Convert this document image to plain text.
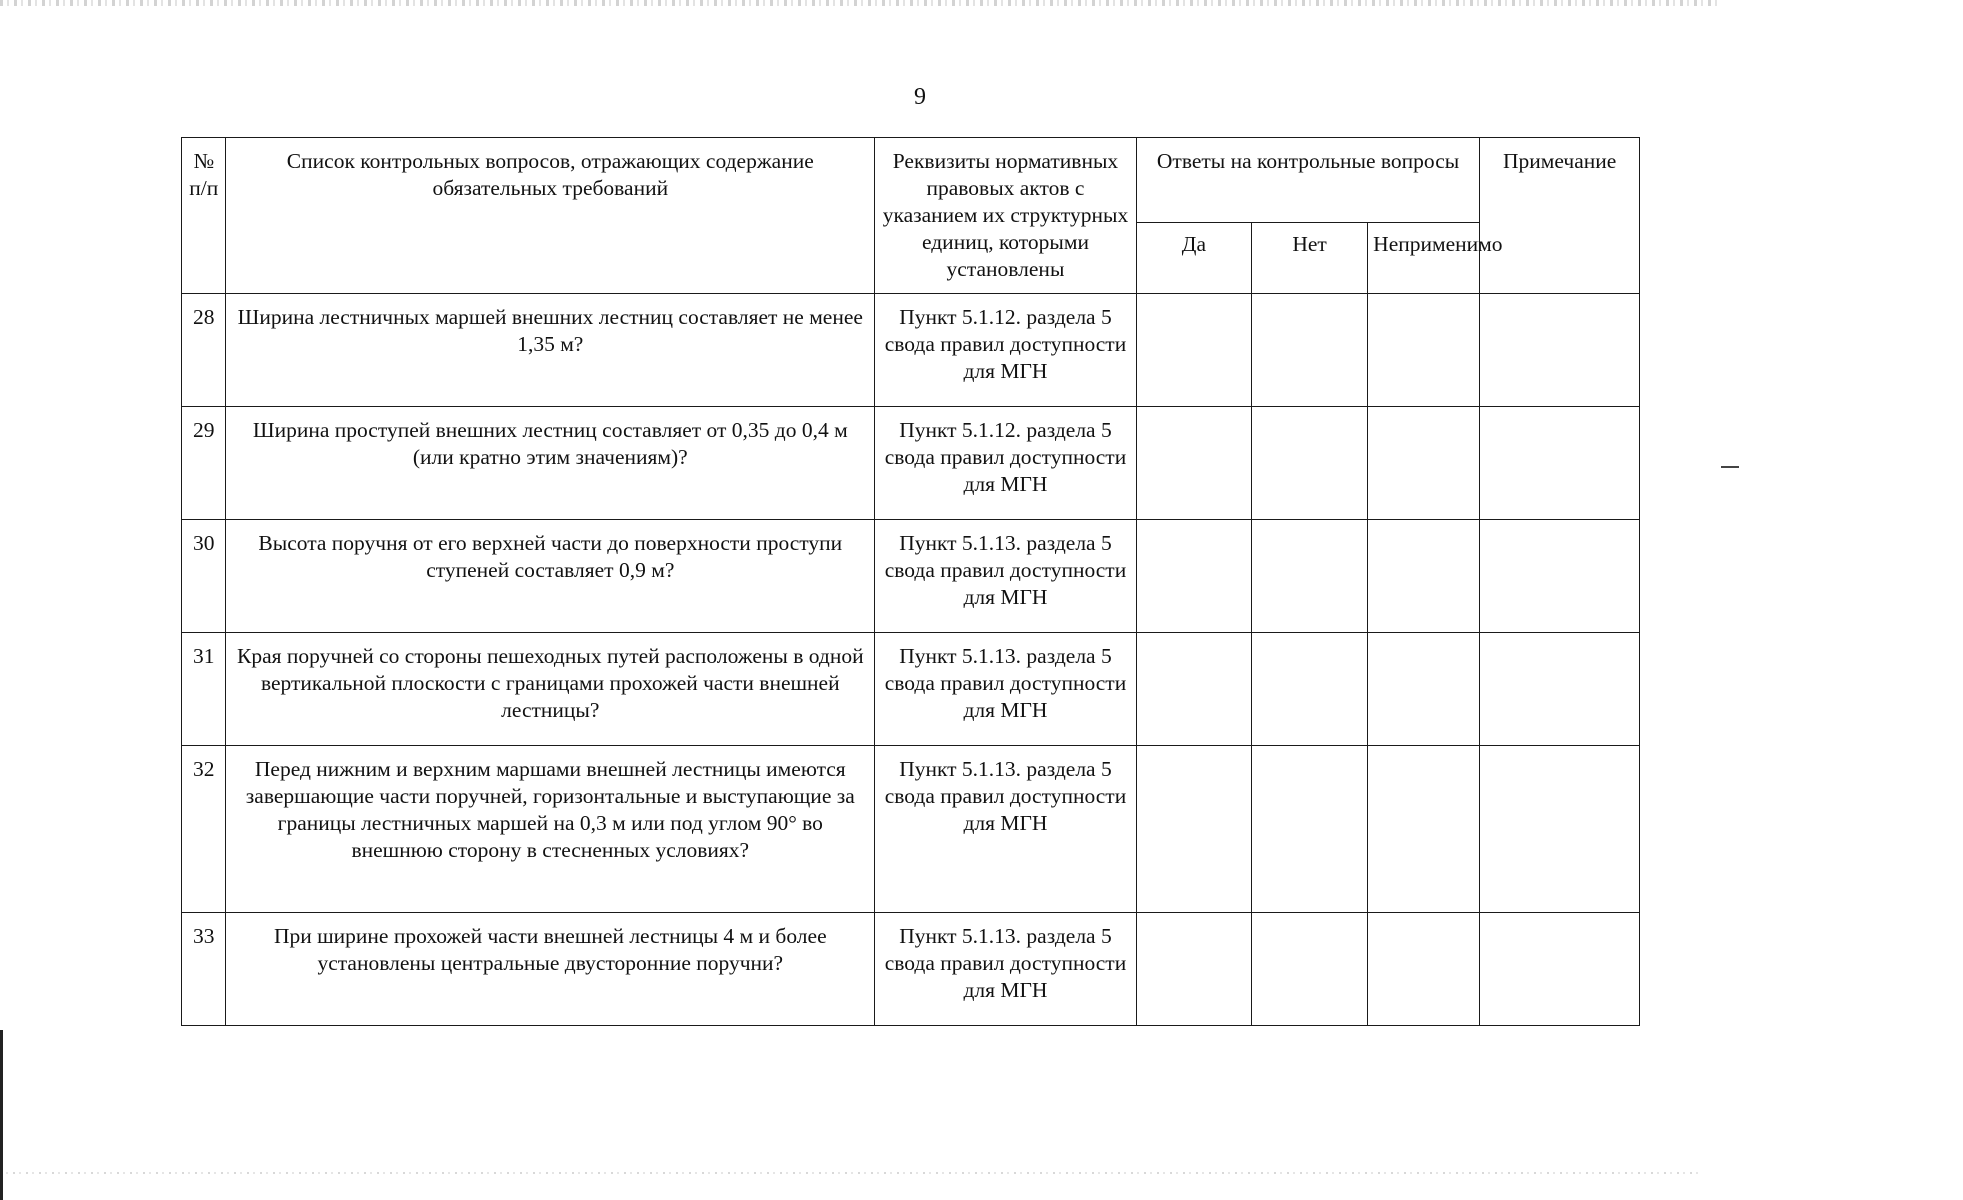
9
№ п/п	Список контрольных вопросов, отражающих содержание обязательных требований	Реквизиты нормативных правовых актов с указанием их структурных единиц, которыми установлены	Ответы на контрольные вопросы			Примечание
			Да	Нет	Неприменимо	
28	Ширина лестничных маршей внешних лестниц составляет не менее 1,35 м?	Пункт 5.1.12. раздела 5 свода правил доступности для МГН				
29	Ширина проступей внешних лестниц составляет от 0,35 до 0,4 м (или кратно этим значениям)?	Пункт 5.1.12. раздела 5 свода правил доступности для МГН				
30	Высота поручня от его верхней части до поверхности проступи ступеней составляет 0,9 м?	Пункт 5.1.13. раздела 5 свода правил доступности для МГН				
31	Края поручней со стороны пешеходных путей расположены в одной вертикальной плоскости с границами прохожей части внешней лестницы?	Пункт 5.1.13. раздела 5 свода правил доступности для МГН				
32	Перед нижним и верхним маршами внешней лестницы имеются завершающие части поручней, горизонтальные и выступающие за границы лестничных маршей на 0,3 м или под углом 90° во внешнюю сторону в стесненных условиях?	Пункт 5.1.13. раздела 5 свода правил доступности для МГН				
33	При ширине прохожей части внешней лестницы 4 м и более установлены центральные двусторонние поручни?	Пункт 5.1.13. раздела 5 свода правил доступности для МГН				
